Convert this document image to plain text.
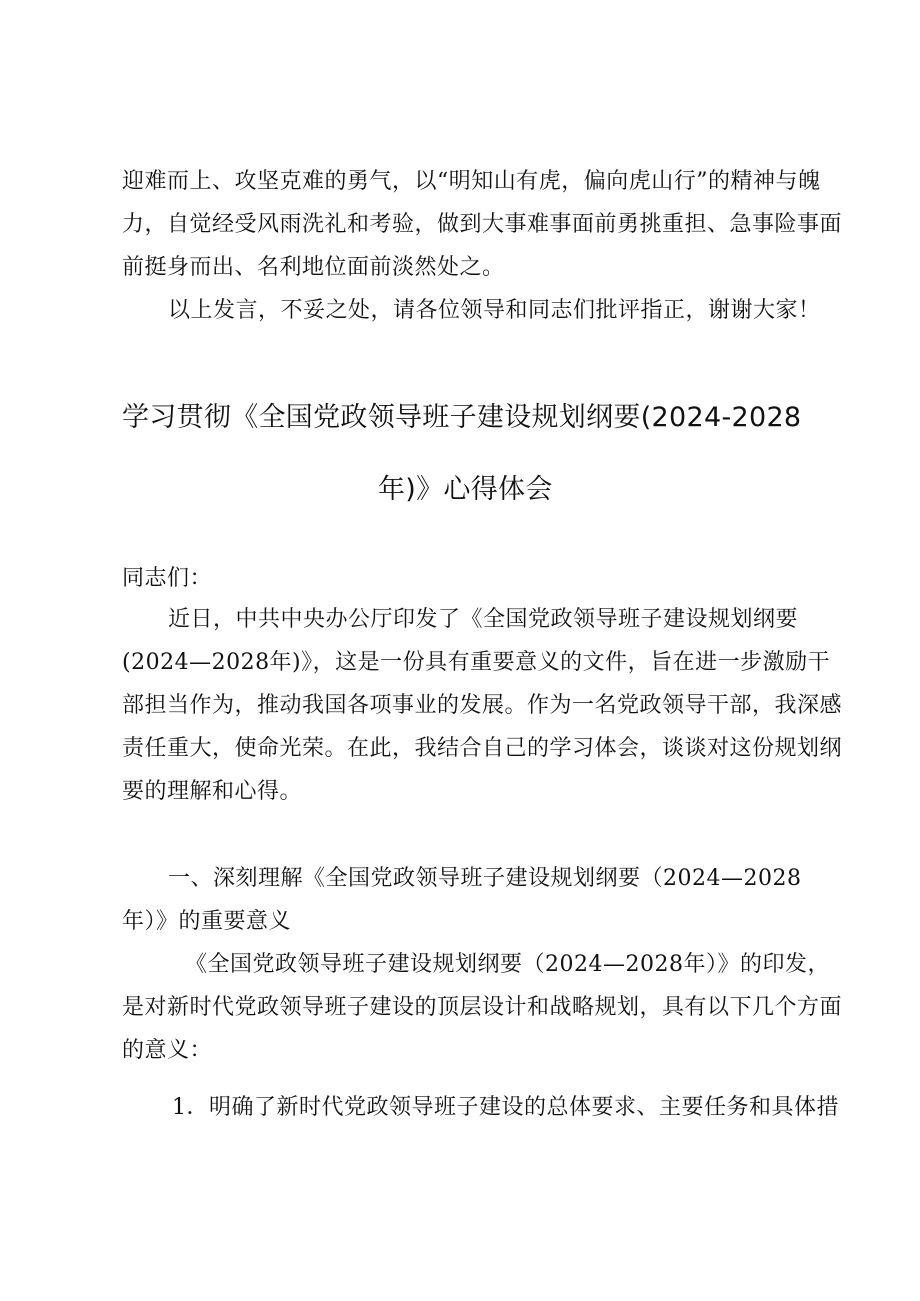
迎难而上、攻坚克难的勇气，以“明知山有虎，偏向虎山行”的精神与魄
力，自觉经受风雨洗礼和考验，做到大事难事面前勇挑重担、急事险事面
前挺身而出、名利地位面前淡然处之。
以上发言，不妥之处，请各位领导和同志们批评指正，谢谢大家！
学习贯彻《全国党政领导班子建设规划纲要(2024-2028
年)》心得体会
同志们：
近日，中共中央办公厅印发了《全国党政领导班子建设规划纲要
(2024—2028年)》，这是一份具有重要意义的文件，旨在进一步激励干
部担当作为，推动我国各项事业的发展。作为一名党政领导干部，我深感
责任重大，使命光荣。在此，我结合自己的学习体会，谈谈对这份规划纲
要的理解和心得。
一、深刻理解《全国党政领导班子建设规划纲要（2024—2028
年）》的重要意义
《全国党政领导班子建设规划纲要（2024—2028年）》的印发，
是对新时代党政领导班子建设的顶层设计和战略规划，具有以下几个方面
的意义：
1．明确了新时代党政领导班子建设的总体要求、主要任务和具体措
